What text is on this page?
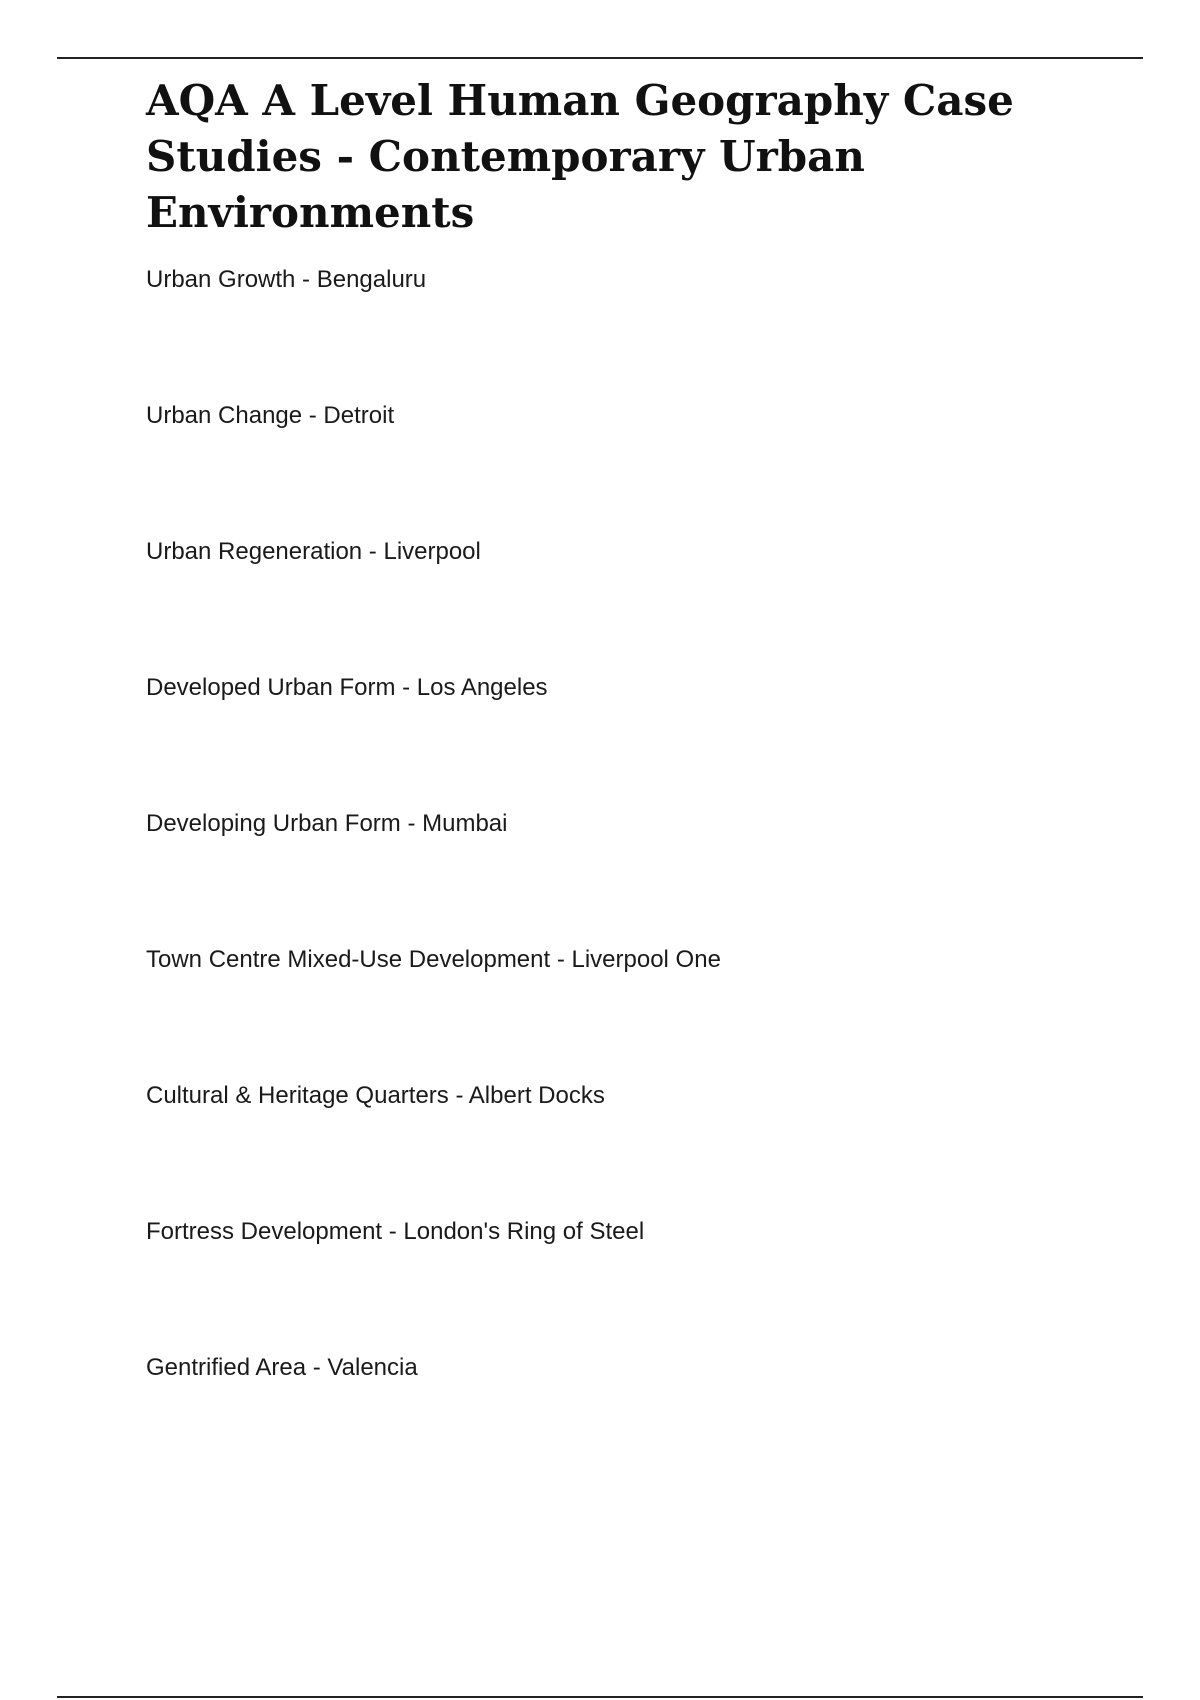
AQA A Level Human Geography Case Studies - Contemporary Urban Environments
Urban Growth - Bengaluru
Urban Change - Detroit
Urban Regeneration - Liverpool
Developed Urban Form - Los Angeles
Developing Urban Form - Mumbai
Town Centre Mixed-Use Development - Liverpool One
Cultural & Heritage Quarters - Albert Docks
Fortress Development - London's Ring of Steel
Gentrified Area - Valencia
